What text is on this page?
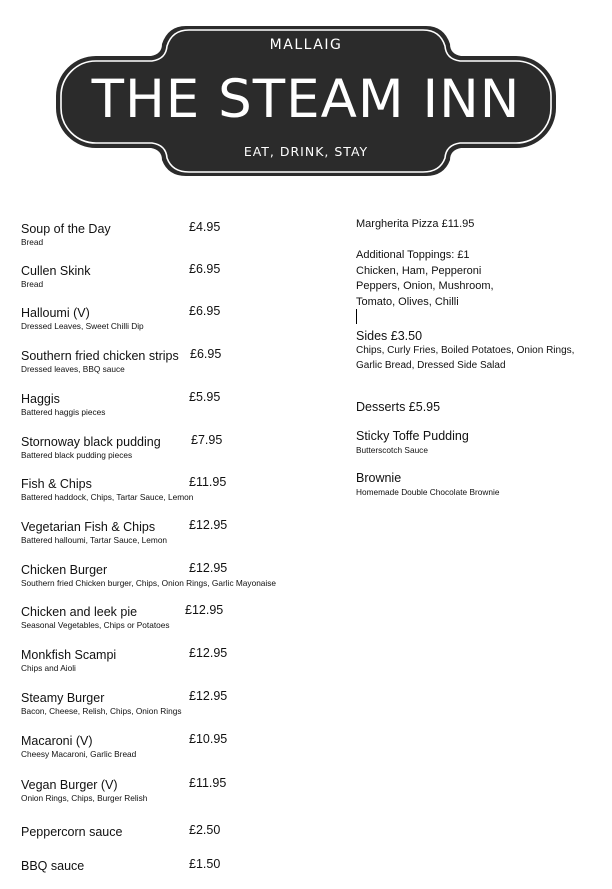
MALLAIG
THE STEAM INN
EAT, DRINK, STAY
Soup of the Day	£4.95
Bread
Cullen Skink	£6.95
Bread
Halloumi (V)	£6.95
Dressed Leaves, Sweet Chilli Dip
Southern fried chicken strips £6.95
Dressed leaves, BBQ sauce
Haggis	£5.95
Battered haggis pieces
Stornoway black pudding £7.95
Battered black pudding pieces
Fish & Chips	£11.95
Battered haddock, Chips, Tartar Sauce, Lemon
Vegetarian Fish & Chips	£12.95
Battered halloumi, Tartar Sauce, Lemon
Chicken Burger	£12.95
Southern fried Chicken burger, Chips, Onion Rings, Garlic Mayonaise
Chicken and leek pie	£12.95
Seasonal Vegetables, Chips or Potatoes
Monkfish Scampi	£12.95
Chips and Aioli
Steamy Burger	£12.95
Bacon, Cheese, Relish, Chips, Onion Rings
Macaroni (V)	£10.95
Cheesy Macaroni, Garlic Bread
Vegan Burger (V)	£11.95
Onion Rings, Chips, Burger Relish
Peppercorn sauce	£2.50
BBQ sauce	£1.50
Margherita Pizza £11.95
Additional Toppings: £1
Chicken, Ham, Pepperoni
Peppers, Onion, Mushroom,
Tomato, Olives, Chilli
Sides £3.50
Chips, Curly Fries, Boiled Potatoes, Onion Rings,
Garlic Bread, Dressed Side Salad
Desserts £5.95
Sticky Toffe Pudding
Butterscotch Sauce
Brownie
Homemade Double Chocolate Brownie
